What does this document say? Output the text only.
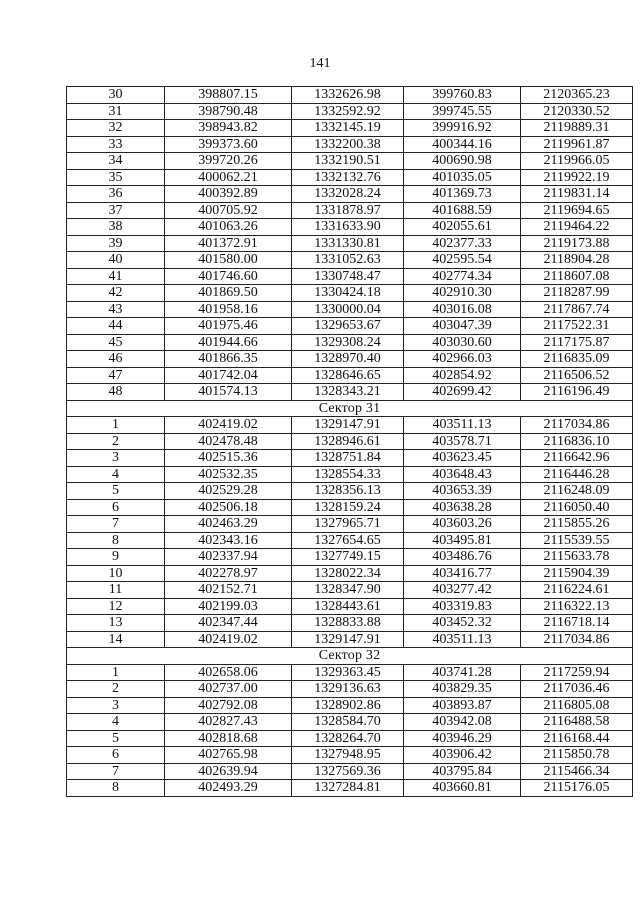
141
30	398807.15	1332626.98	399760.83	2120365.23
31	398790.48	1332592.92	399745.55	2120330.52
32	398943.82	1332145.19	399916.92	2119889.31
33	399373.60	1332200.38	400344.16	2119961.87
34	399720.26	1332190.51	400690.98	2119966.05
35	400062.21	1332132.76	401035.05	2119922.19
36	400392.89	1332028.24	401369.73	2119831.14
37	400705.92	1331878.97	401688.59	2119694.65
38	401063.26	1331633.90	402055.61	2119464.22
39	401372.91	1331330.81	402377.33	2119173.88
40	401580.00	1331052.63	402595.54	2118904.28
41	401746.60	1330748.47	402774.34	2118607.08
42	401869.50	1330424.18	402910.30	2118287.99
43	401958.16	1330000.04	403016.08	2117867.74
44	401975.46	1329653.67	403047.39	2117522.31
45	401944.66	1329308.24	403030.60	2117175.87
46	401866.35	1328970.40	402966.03	2116835.09
47	401742.04	1328646.65	402854.92	2116506.52
48	401574.13	1328343.21	402699.42	2116196.49
Сектор 31				
1	402419.02	1329147.91	403511.13	2117034.86
2	402478.48	1328946.61	403578.71	2116836.10
3	402515.36	1328751.84	403623.45	2116642.96
4	402532.35	1328554.33	403648.43	2116446.28
5	402529.28	1328356.13	403653.39	2116248.09
6	402506.18	1328159.24	403638.28	2116050.40
7	402463.29	1327965.71	403603.26	2115855.26
8	402343.16	1327654.65	403495.81	2115539.55
9	402337.94	1327749.15	403486.76	2115633.78
10	402278.97	1328022.34	403416.77	2115904.39
11	402152.71	1328347.90	403277.42	2116224.61
12	402199.03	1328443.61	403319.83	2116322.13
13	402347.44	1328833.88	403452.32	2116718.14
14	402419.02	1329147.91	403511.13	2117034.86
Сектор 32				
1	402658.06	1329363.45	403741.28	2117259.94
2	402737.00	1329136.63	403829.35	2117036.46
3	402792.08	1328902.86	403893.87	2116805.08
4	402827.43	1328584.70	403942.08	2116488.58
5	402818.68	1328264.70	403946.29	2116168.44
6	402765.98	1327948.95	403906.42	2115850.78
7	402639.94	1327569.36	403795.84	2115466.34
8	402493.29	1327284.81	403660.81	2115176.05
